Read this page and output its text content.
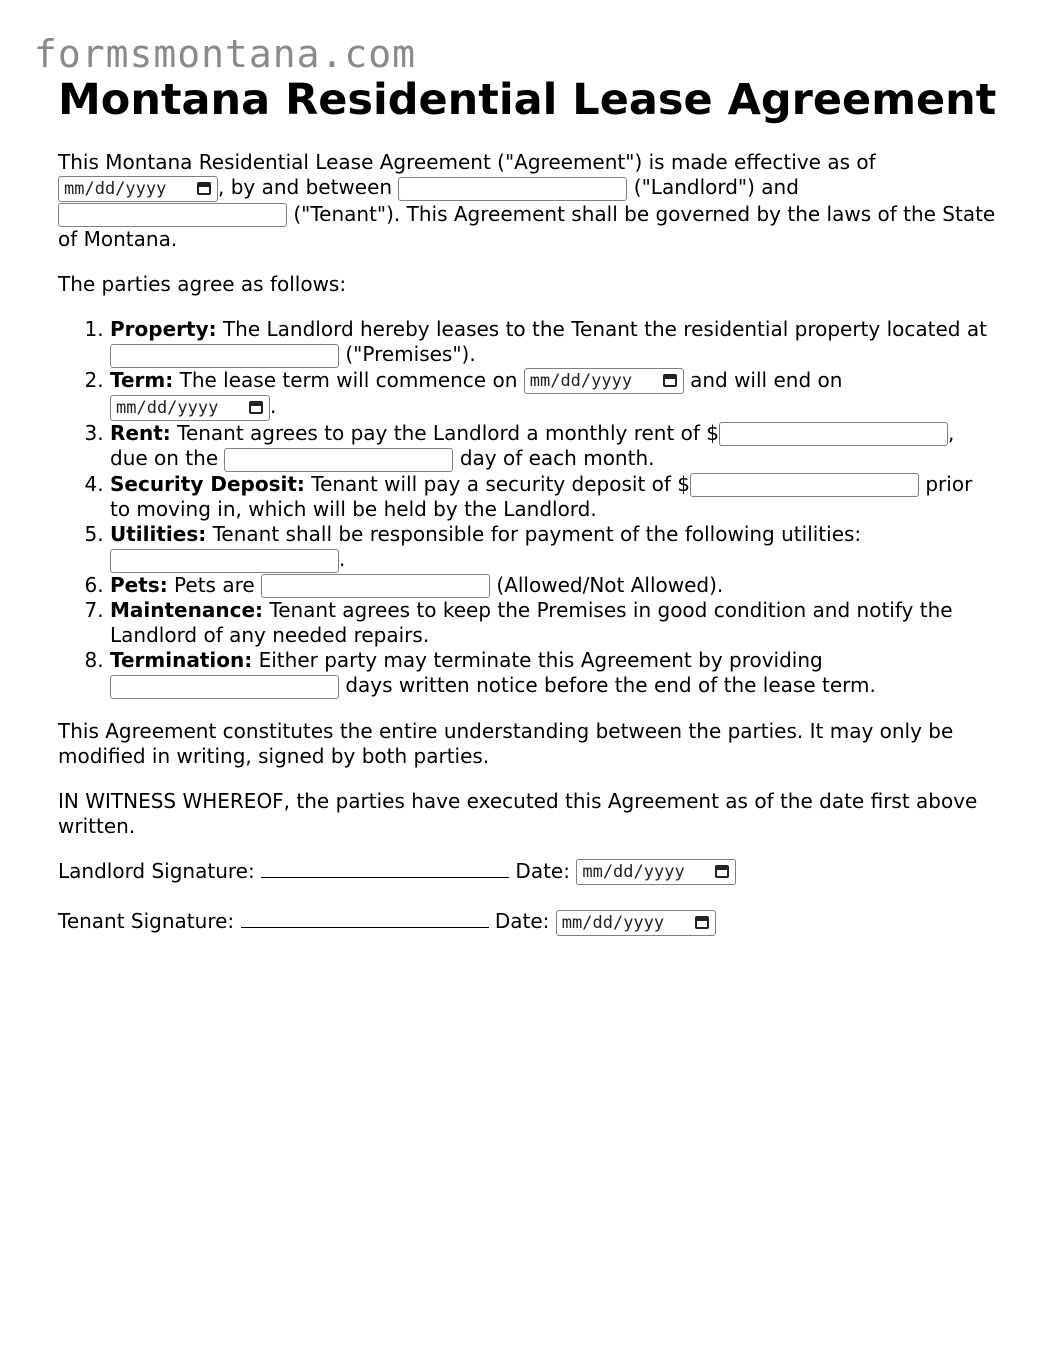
formsmontana.com
Montana Residential Lease Agreement

This Montana Residential Lease Agreement ("Agreement") is made effective as of mm/dd/yyyy	, by and between	("Landlord") and  ("Tenant"). This Agreement shall be governed by the laws of the State of Montana.

The parties agree as follows:

1. Property: The Landlord hereby leases to the Tenant the residential property located at  ("Premises").
2. Term: The lease term will commence on mm/dd/yyyy	and will end on mm/dd/yyyy	.
3. Rent: Tenant agrees to pay the Landlord a monthly rent of $	, due on the	day of each month.
4. Security Deposit: Tenant will pay a security deposit of $	prior to moving in, which will be held by the Landlord.
5. Utilities: Tenant shall be responsible for payment of the following utilities: .
6. Pets: Pets are	(Allowed/Not Allowed).
7. Maintenance: Tenant agrees to keep the Premises in good condition and notify the Landlord of any needed repairs.
8. Termination: Either party may terminate this Agreement by providing  days written notice before the end of the lease term.

This Agreement constitutes the entire understanding between the parties. It may only be modified in writing, signed by both parties.

IN WITNESS WHEREOF, the parties have executed this Agreement as of the date first above written.

Landlord Signature:	Date: mm/dd/yyyy
Tenant Signature:	Date: mm/dd/yyyy
